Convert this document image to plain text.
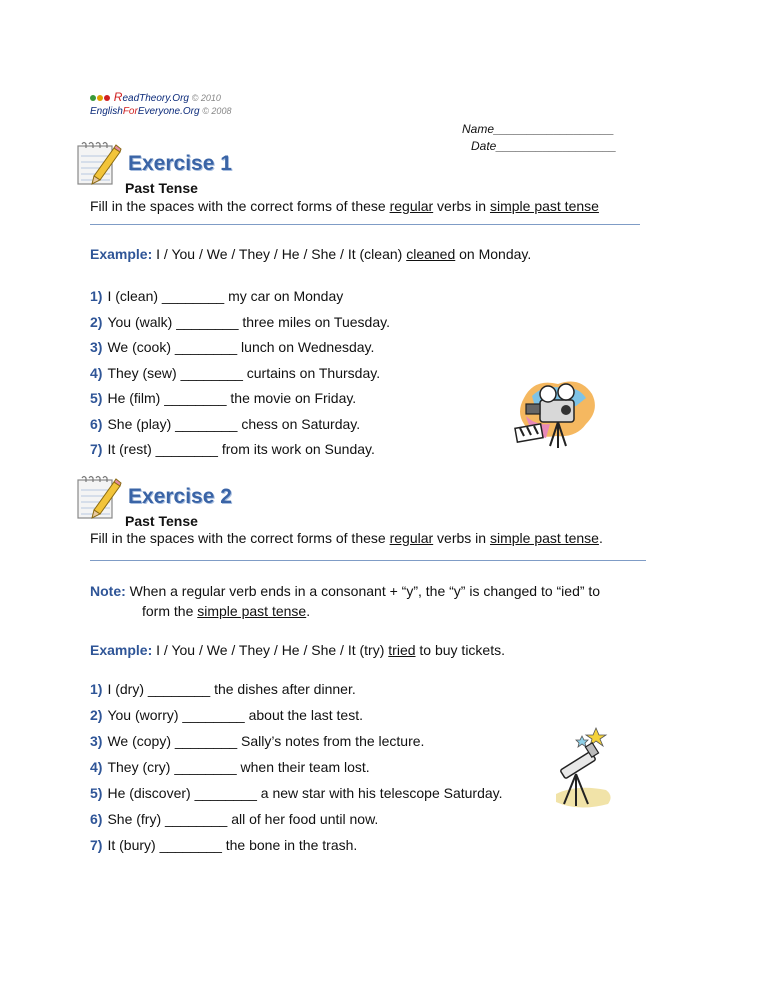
ReadTheory.Org © 2010
EnglishForEveryone.Org © 2008
Name__________________
Date__________________
Exercise 1
Past Tense
Fill in the spaces with the correct forms of these regular verbs in simple past tense
Example: I / You / We / They / He / She / It (clean) cleaned on Monday.
1) I (clean) ________ my car on Monday
2) You (walk) ________ three miles on Tuesday.
3) We (cook) ________ lunch on Wednesday.
4) They (sew) ________ curtains on Thursday.
5) He (film) ________ the movie on Friday.
6) She (play) ________ chess on Saturday.
7) It (rest) ________ from its work on Sunday.
Exercise 2
Past Tense
Fill in the spaces with the correct forms of these regular verbs in simple past tense.
Note: When a regular verb ends in a consonant + “y”, the “y” is changed to “ied” to
form the simple past tense.
Example: I / You / We / They / He / She / It (try) tried to buy tickets.
1) I (dry) ________ the dishes after dinner.
2) You (worry) ________ about the last test.
3) We (copy) ________ Sally’s notes from the lecture.
4) They (cry) ________ when their team lost.
5) He (discover) ________ a new star with his telescope Saturday.
6) She (fry) ________ all of her food until now.
7) It (bury) ________ the bone in the trash.
